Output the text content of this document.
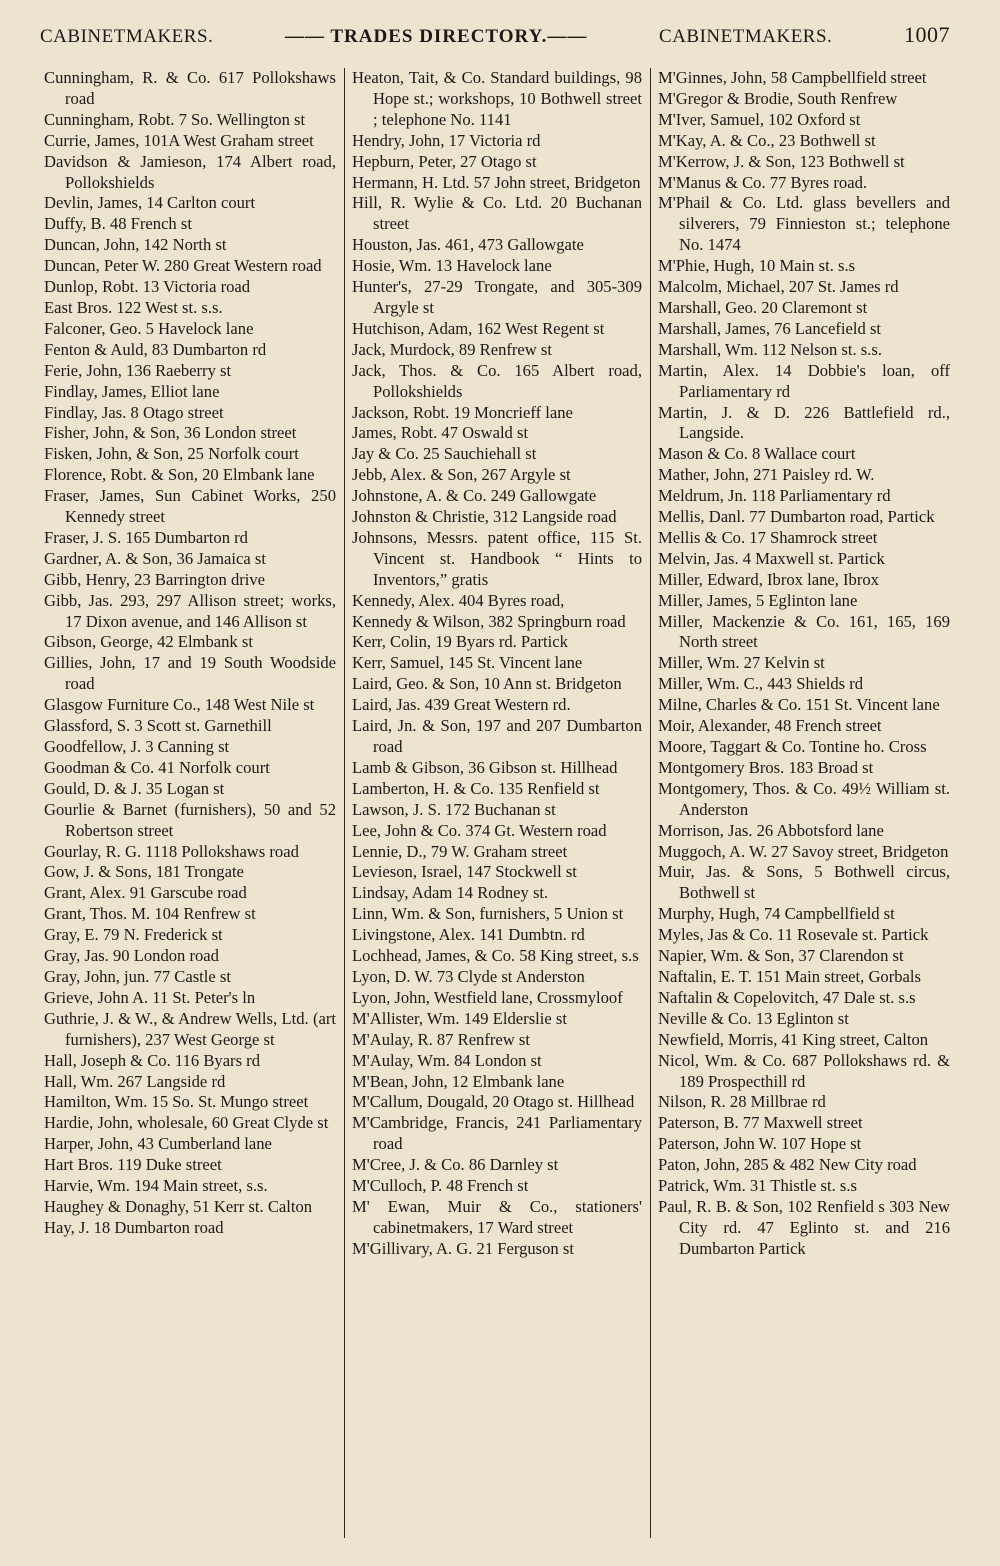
CABINETMAKERS.	—— TRADES DIRECTORY.——	CABINETMAKERS.	1007
Cunningham, R. & Co. 617 Pollokshaws road
Cunningham, Robt. 7 So. Wellington st
Currie, James, 101A West Graham street
Davidson & Jamieson, 174 Albert road, Pollokshields
Devlin, James, 14 Carlton court
Duffy, B. 48 French st
Duncan, John, 142 North st
Duncan, Peter W. 280 Great Western road
Dunlop, Robt. 13 Victoria road
East Bros. 122 West st. s.s.
Falconer, Geo. 5 Havelock lane
Fenton & Auld, 83 Dumbarton rd
Ferie, John, 136 Raeberry st
Findlay, James, Elliot lane
Findlay, Jas. 8 Otago street
Fisher, John, & Son, 36 London street
Fisken, John, & Son, 25 Norfolk court
Florence, Robt. & Son, 20 Elmbank lane
Fraser, James, Sun Cabinet Works, 250 Kennedy street
Fraser, J. S. 165 Dumbarton rd
Gardner, A. & Son, 36 Jamaica st
Gibb, Henry, 23 Barrington drive
Gibb, Jas. 293, 297 Allison street; works, 17 Dixon avenue, and 146 Allison st
Gibson, George, 42 Elmbank st
Gillies, John, 17 and 19 South Woodside road
Glasgow Furniture Co., 148 West Nile st
Glassford, S. 3 Scott st. Garnethill
Goodfellow, J. 3 Canning st
Goodman & Co. 41 Norfolk court
Gould, D. & J. 35 Logan st
Gourlie & Barnet (furnishers), 50 and 52 Robertson street
Gourlay, R. G. 1118 Pollokshaws road
Gow, J. & Sons, 181 Trongate
Grant, Alex. 91 Garscube road
Grant, Thos. M. 104 Renfrew st
Gray, E. 79 N. Frederick st
Gray, Jas. 90 London road
Gray, John, jun. 77 Castle st
Grieve, John A. 11 St. Peter's ln
Guthrie, J. & W., & Andrew Wells, Ltd. (art furnishers), 237 West George st
Hall, Joseph & Co. 116 Byars rd
Hall, Wm. 267 Langside rd
Hamilton, Wm. 15 So. St. Mungo street
Hardie, John, wholesale, 60 Great Clyde st
Harper, John, 43 Cumberland lane
Hart Bros. 119 Duke street
Harvie, Wm. 194 Main street, s.s.
Haughey & Donaghy, 51 Kerr st. Calton
Hay, J. 18 Dumbarton road
Heaton, Tait, & Co. Standard buildings, 98 Hope st.; workshops, 10 Bothwell street ; telephone No. 1141
Hendry, John, 17 Victoria rd
Hepburn, Peter, 27 Otago st
Hermann, H. Ltd. 57 John street, Bridgeton
Hill, R. Wylie & Co. Ltd. 20 Buchanan street
Houston, Jas. 461, 473 Gallowgate
Hosie, Wm. 13 Havelock lane
Hunter's, 27-29 Trongate, and 305-309 Argyle st
Hutchison, Adam, 162 West Regent st
Jack, Murdock, 89 Renfrew st
Jack, Thos. & Co. 165 Albert road, Pollokshields
Jackson, Robt. 19 Moncrieff lane
James, Robt. 47 Oswald st
Jay & Co. 25 Sauchiehall st
Jebb, Alex. & Son, 267 Argyle st
Johnstone, A. & Co. 249 Gallowgate
Johnston & Christie, 312 Langside road
Johnsons, Messrs. patent office, 115 St. Vincent st. Handbook “ Hints to Inventors,” gratis
Kennedy, Alex. 404 Byres road,
Kennedy & Wilson, 382 Springburn road
Kerr, Colin, 19 Byars rd. Partick
Kerr, Samuel, 145 St. Vincent lane
Laird, Geo. & Son, 10 Ann st. Bridgeton
Laird, Jas. 439 Great Western rd.
Laird, Jn. & Son, 197 and 207 Dumbarton road
Lamb & Gibson, 36 Gibson st. Hillhead
Lamberton, H. & Co. 135 Renfield st
Lawson, J. S. 172 Buchanan st
Lee, John & Co. 374 Gt. Western road
Lennie, D., 79 W. Graham street
Levieson, Israel, 147 Stockwell st
Lindsay, Adam 14 Rodney st.
Linn, Wm. & Son, furnishers, 5 Union st
Livingstone, Alex. 141 Dumbtn. rd
Lochhead, James, & Co. 58 King street, s.s
Lyon, D. W. 73 Clyde st Anderston
Lyon, John, Westfield lane, Crossmyloof
M'Allister, Wm. 149 Elderslie st
M'Aulay, R. 87 Renfrew st
M'Aulay, Wm. 84 London st
M'Bean, John, 12 Elmbank lane
M'Callum, Dougald, 20 Otago st. Hillhead
M'Cambridge, Francis, 241 Parliamentary road
M'Cree, J. & Co. 86 Darnley st
M'Culloch, P. 48 French st
M' Ewan, Muir & Co., stationers' cabinetmakers, 17 Ward street
M'Gillivary, A. G. 21 Ferguson st
M'Ginnes, John, 58 Campbellfield street
M'Gregor & Brodie, South Renfrew
M'Iver, Samuel, 102 Oxford st
M'Kay, A. & Co., 23 Bothwell st
M'Kerrow, J. & Son, 123 Bothwell st
M'Manus & Co. 77 Byres road.
M'Phail & Co. Ltd. glass bevellers and silverers, 79 Finnieston st.; telephone No. 1474
M'Phie, Hugh, 10 Main st. s.s
Malcolm, Michael, 207 St. James rd
Marshall, Geo. 20 Claremont st
Marshall, James, 76 Lancefield st
Marshall, Wm. 112 Nelson st. s.s.
Martin, Alex. 14 Dobbie's loan, off Parliamentary rd
Martin, J. & D. 226 Battlefield rd., Langside.
Mason & Co. 8 Wallace court
Mather, John, 271 Paisley rd. W.
Meldrum, Jn. 118 Parliamentary rd
Mellis, Danl. 77 Dumbarton road, Partick
Mellis & Co. 17 Shamrock street
Melvin, Jas. 4 Maxwell st. Partick
Miller, Edward, Ibrox lane, Ibrox
Miller, James, 5 Eglinton lane
Miller, Mackenzie & Co. 161, 165, 169 North street
Miller, Wm. 27 Kelvin st
Miller, Wm. C., 443 Shields rd
Milne, Charles & Co. 151 St. Vincent lane
Moir, Alexander, 48 French street
Moore, Taggart & Co. Tontine ho. Cross
Montgomery Bros. 183 Broad st
Montgomery, Thos. & Co. 49½ William st. Anderston
Morrison, Jas. 26 Abbotsford lane
Muggoch, A. W. 27 Savoy street, Bridgeton
Muir, Jas. & Sons, 5 Bothwell circus, Bothwell st
Murphy, Hugh, 74 Campbellfield st
Myles, Jas & Co. 11 Rosevale st. Partick
Napier, Wm. & Son, 37 Clarendon st
Naftalin, E. T. 151 Main street, Gorbals
Naftalin & Copelovitch, 47 Dale st. s.s
Neville & Co. 13 Eglinton st
Newfield, Morris, 41 King street, Calton
Nicol, Wm. & Co. 687 Pollokshaws rd. & 189 Prospecthill rd
Nilson, R. 28 Millbrae rd
Paterson, B. 77 Maxwell street
Paterson, John W. 107 Hope st
Paton, John, 285 & 482 New City road
Patrick, Wm. 31 Thistle st. s.s
Paul, R. B. & Son, 102 Renfield s 303 New City rd. 47 Eglinto st. and 216 Dumbarton Partick
